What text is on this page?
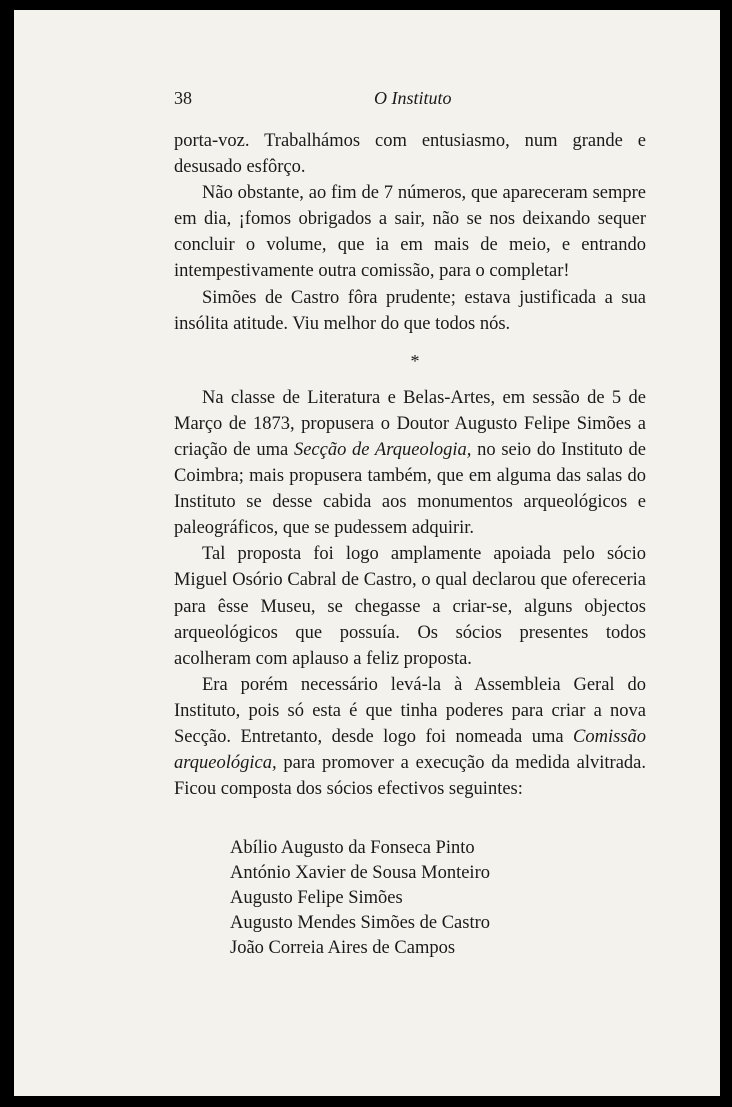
38	O Instituto

porta-voz. Trabalhámos com entusiasmo, num grande e desusado esfôrço.

Não obstante, ao fim de 7 números, que apareceram sempre em dia, ¡fomos obrigados a sair, não se nos deixando sequer concluir o volume, que ia em mais de meio, e entrando intempestivamente outra comissão, para o completar!

Simões de Castro fôra prudente; estava justificada a sua insólita atitude. Viu melhor do que todos nós.

*

Na classe de Literatura e Belas-Artes, em sessão de 5 de Março de 1873, propusera o Doutor Augusto Felipe Simões a criação de uma Secção de Arqueologia, no seio do Instituto de Coimbra; mais propusera também, que em alguma das salas do Instituto se desse cabida aos monumentos arqueológicos e paleográficos, que se pudessem adquirir.

Tal proposta foi logo amplamente apoiada pelo sócio Miguel Osório Cabral de Castro, o qual declarou que ofereceria para êsse Museu, se chegasse a criar-se, alguns objectos arqueológicos que possuía. Os sócios presentes todos acolheram com aplauso a feliz proposta.

Era porém necessário levá-la à Assembleia Geral do Instituto, pois só esta é que tinha poderes para criar a nova Secção. Entretanto, desde logo foi nomeada uma Comissão arqueológica, para promover a execução da medida alvitrada. Ficou composta dos sócios efectivos seguintes:

Abílio Augusto da Fonseca Pinto
António Xavier de Sousa Monteiro
Augusto Felipe Simões
Augusto Mendes Simões de Castro
João Correia Aires de Campos
